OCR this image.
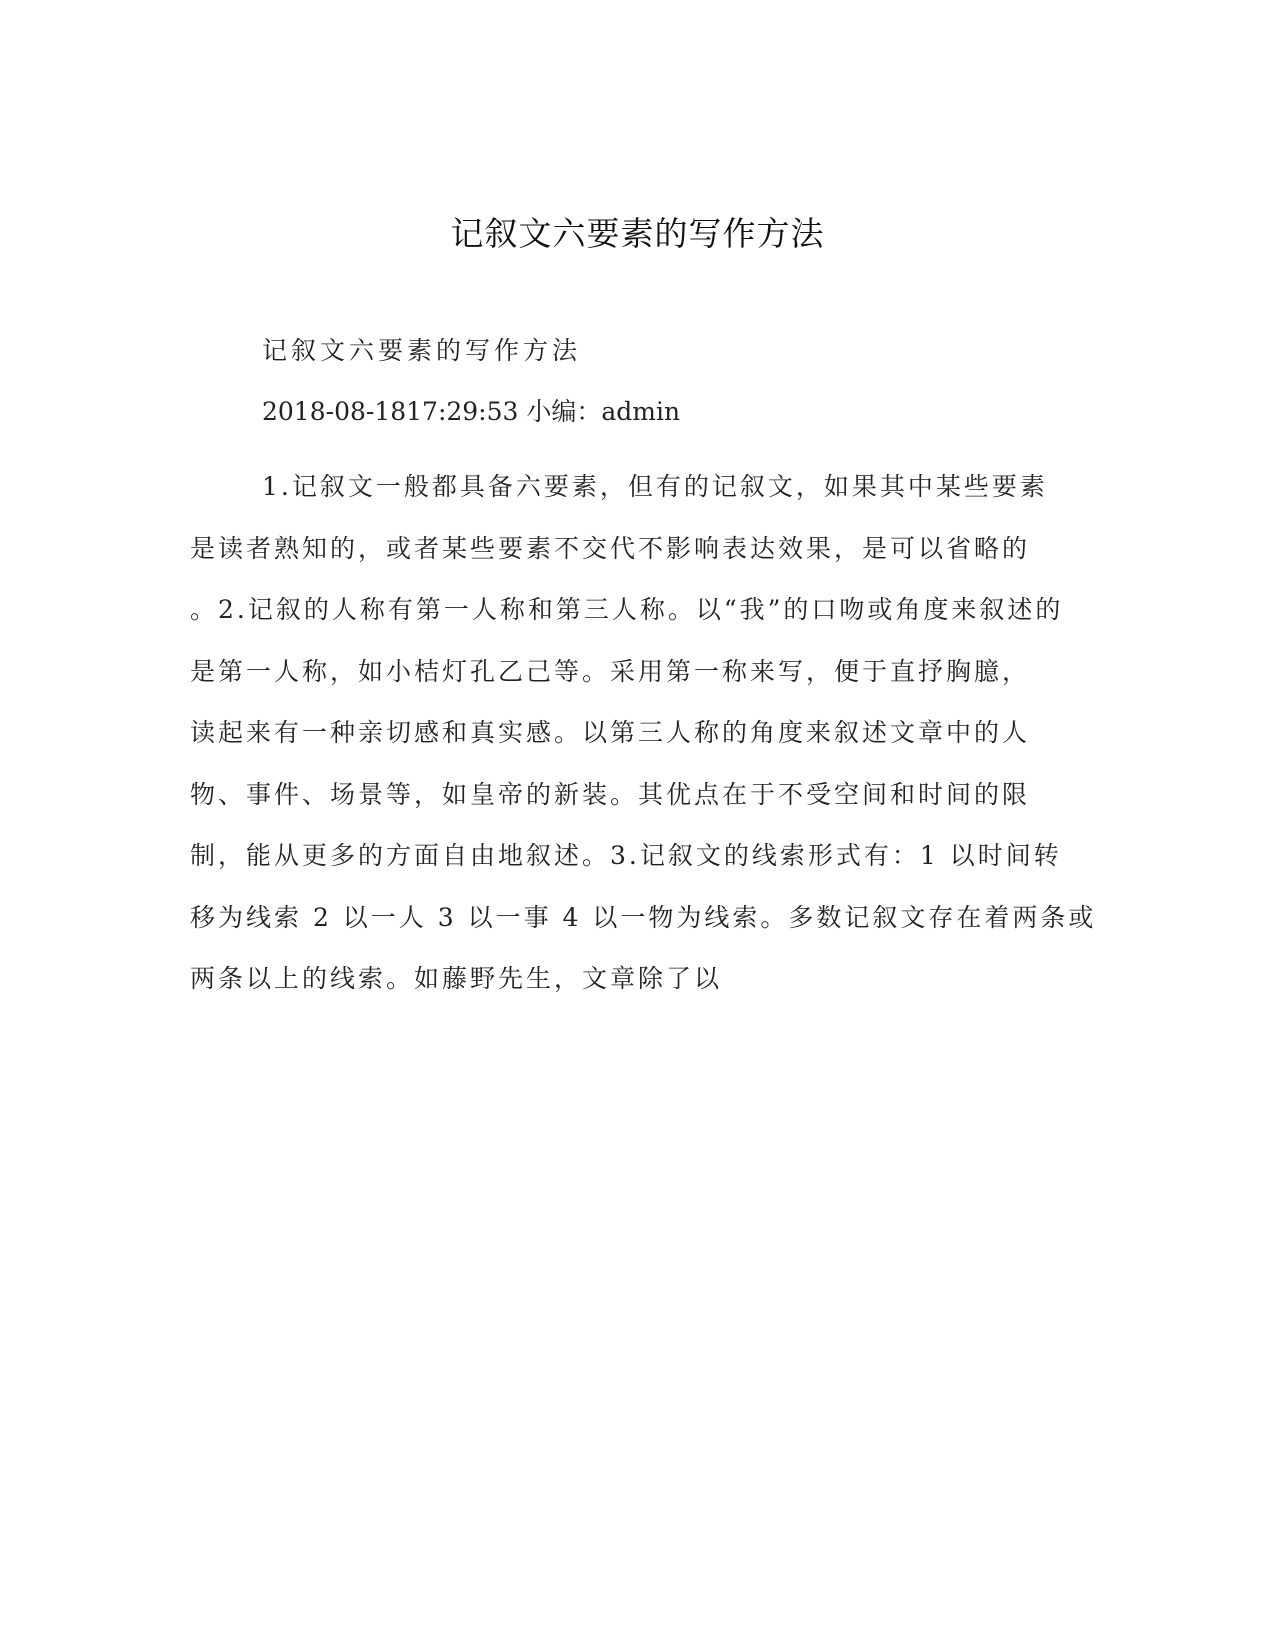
记叙文六要素的写作方法
记叙文六要素的写作方法
2018-08-1817:29:53 小编：admin
1.记叙文一般都具备六要素，但有的记叙文，如果其中某些要素
是读者熟知的，或者某些要素不交代不影响表达效果，是可以省略的
。2.记叙的人称有第一人称和第三人称。以“我”的口吻或角度来叙述的
是第一人称，如小桔灯孔乙己等。采用第一称来写，便于直抒胸臆，
读起来有一种亲切感和真实感。以第三人称的角度来叙述文章中的人
物、事件、场景等，如皇帝的新装。其优点在于不受空间和时间的限
制，能从更多的方面自由地叙述。3.记叙文的线索形式有：1 以时间转
移为线索 2 以一人 3 以一事 4 以一物为线索。多数记叙文存在着两条或
两条以上的线索。如藤野先生，文章除了以
